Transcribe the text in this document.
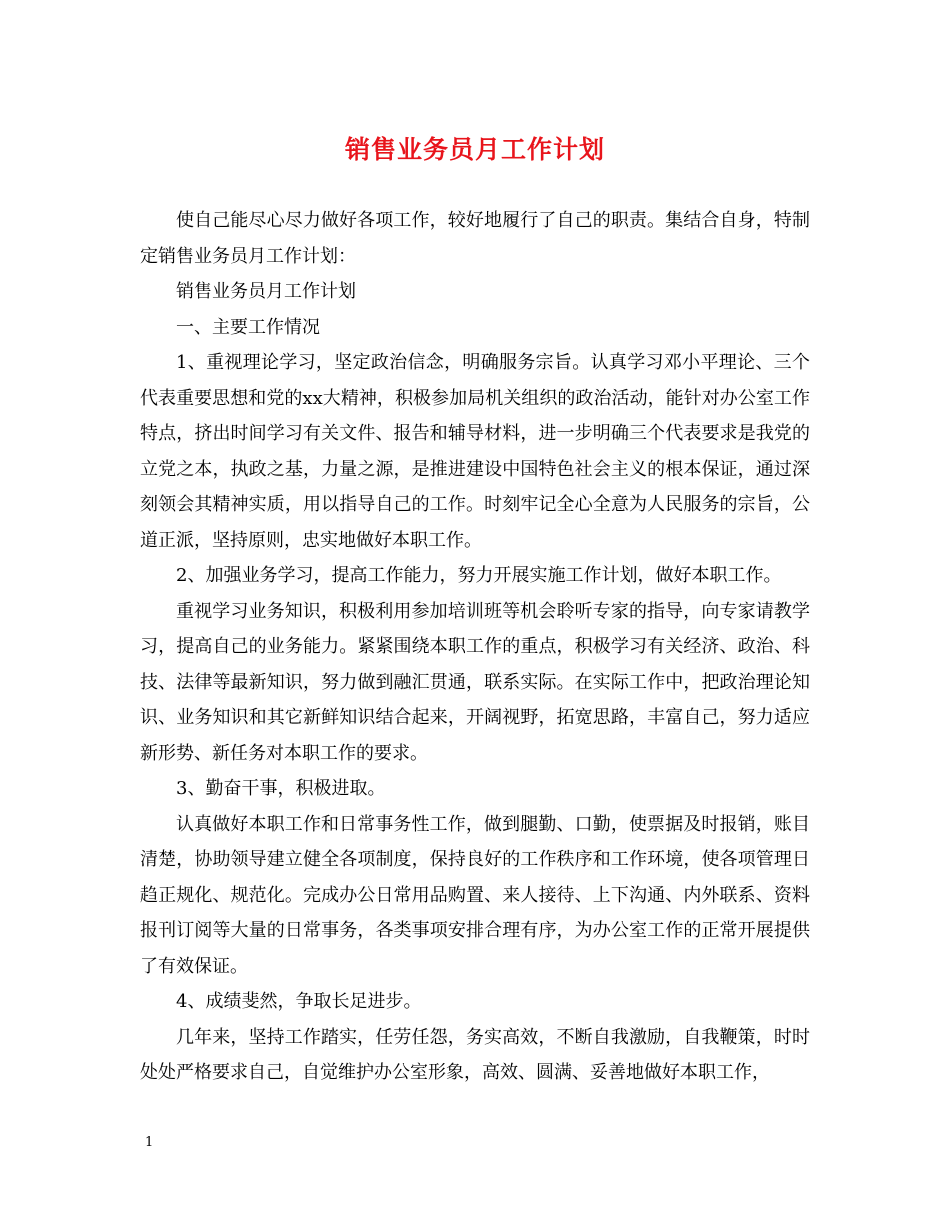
销售业务员月工作计划

使自己能尽心尽力做好各项工作，较好地履行了自己的职责。集结合自身，特制定销售业务员月工作计划：

销售业务员月工作计划

一、主要工作情况

1、重视理论学习，坚定政治信念，明确服务宗旨。认真学习邓小平理论、三个代表重要思想和党的xx大精神，积极参加局机关组织的政治活动，能针对办公室工作特点，挤出时间学习有关文件、报告和辅导材料，进一步明确三个代表要求是我党的立党之本，执政之基，力量之源，是推进建设中国特色社会主义的根本保证，通过深刻领会其精神实质，用以指导自己的工作。时刻牢记全心全意为人民服务的宗旨，公道正派，坚持原则，忠实地做好本职工作。

2、加强业务学习，提高工作能力，努力开展实施工作计划，做好本职工作。

重视学习业务知识，积极利用参加培训班等机会聆听专家的指导，向专家请教学习，提高自己的业务能力。紧紧围绕本职工作的重点，积极学习有关经济、政治、科技、法律等最新知识，努力做到融汇贯通，联系实际。在实际工作中，把政治理论知识、业务知识和其它新鲜知识结合起来，开阔视野，拓宽思路，丰富自己，努力适应新形势、新任务对本职工作的要求。

3、勤奋干事，积极进取。

认真做好本职工作和日常事务性工作，做到腿勤、口勤，使票据及时报销，账目清楚，协助领导建立健全各项制度，保持良好的工作秩序和工作环境，使各项管理日趋正规化、规范化。完成办公日常用品购置、来人接待、上下沟通、内外联系、资料报刊订阅等大量的日常事务，各类事项安排合理有序，为办公室工作的正常开展提供了有效保证。

4、成绩斐然，争取长足进步。

几年来，坚持工作踏实，任劳任怨，务实高效，不断自我激励，自我鞭策，时时处处严格要求自己，自觉维护办公室形象，高效、圆满、妥善地做好本职工作，

1
